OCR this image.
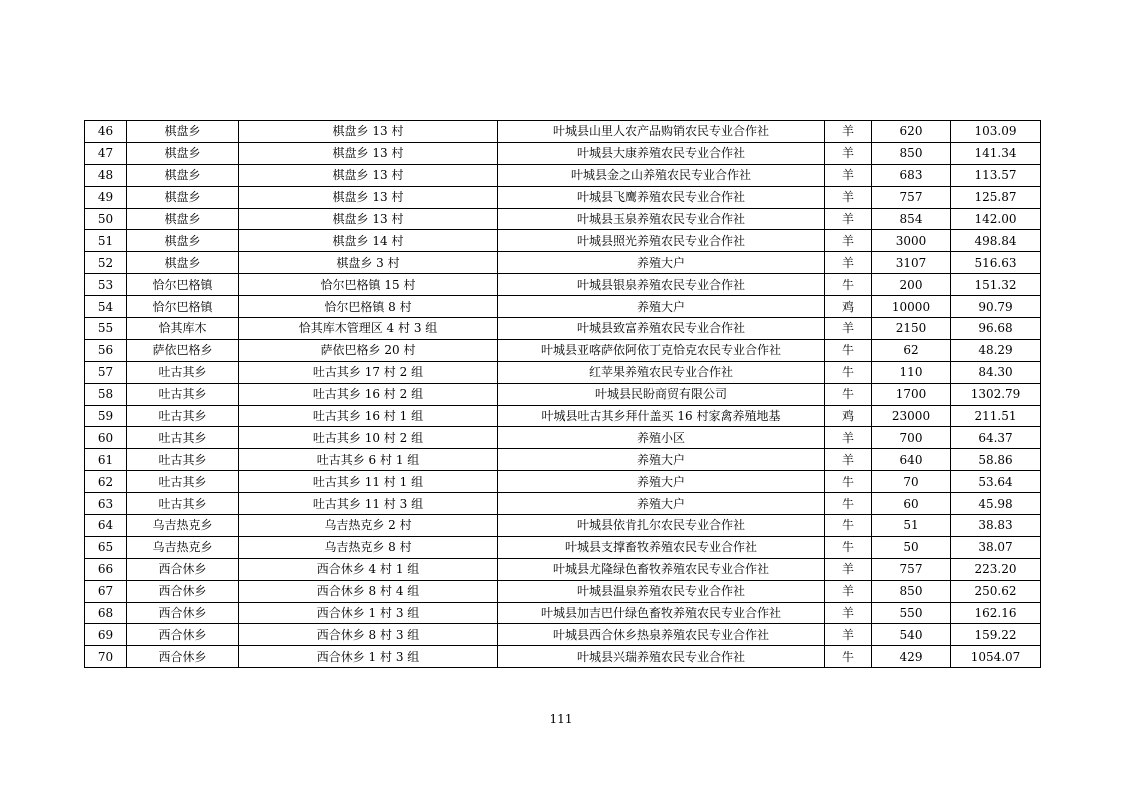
46	棋盘乡	棋盘乡 13 村	叶城县山里人农产品购销农民专业合作社	羊	620	103.09
47	棋盘乡	棋盘乡 13 村	叶城县大康养殖农民专业合作社	羊	850	141.34
48	棋盘乡	棋盘乡 13 村	叶城县金之山养殖农民专业合作社	羊	683	113.57
49	棋盘乡	棋盘乡 13 村	叶城县飞鹰养殖农民专业合作社	羊	757	125.87
50	棋盘乡	棋盘乡 13 村	叶城县玉泉养殖农民专业合作社	羊	854	142.00
51	棋盘乡	棋盘乡 14 村	叶城县照光养殖农民专业合作社	羊	3000	498.84
52	棋盘乡	棋盘乡 3 村	养殖大户	羊	3107	516.63
53	恰尔巴格镇	恰尔巴格镇 15 村	叶城县银泉养殖农民专业合作社	牛	200	151.32
54	恰尔巴格镇	恰尔巴格镇 8 村	养殖大户	鸡	10000	90.79
55	恰其库木	恰其库木管理区 4 村 3 组	叶城县致富养殖农民专业合作社	羊	2150	96.68
56	萨依巴格乡	萨依巴格乡 20 村	叶城县亚喀萨依阿依丁克恰克农民专业合作社	牛	62	48.29
57	吐古其乡	吐古其乡 17 村 2 组	红苹果养殖农民专业合作社	牛	110	84.30
58	吐古其乡	吐古其乡 16 村 2 组	叶城县民盼商贸有限公司	牛	1700	1302.79
59	吐古其乡	吐古其乡 16 村 1 组	叶城县吐古其乡拜什盖买 16 村家禽养殖地基	鸡	23000	211.51
60	吐古其乡	吐古其乡 10 村 2 组	养殖小区	羊	700	64.37
61	吐古其乡	吐古其乡 6 村 1 组	养殖大户	羊	640	58.86
62	吐古其乡	吐古其乡 11 村 1 组	养殖大户	牛	70	53.64
63	吐古其乡	吐古其乡 11 村 3 组	养殖大户	牛	60	45.98
64	乌吉热克乡	乌吉热克乡 2 村	叶城县依肯扎尔农民专业合作社	牛	51	38.83
65	乌吉热克乡	乌吉热克乡 8 村	叶城县支撑畜牧养殖农民专业合作社	牛	50	38.07
66	西合休乡	西合休乡 4 村 1 组	叶城县尤隆绿色畜牧养殖农民专业合作社	羊	757	223.20
67	西合休乡	西合休乡 8 村 4 组	叶城县温泉养殖农民专业合作社	羊	850	250.62
68	西合休乡	西合休乡 1 村 3 组	叶城县加吉巴什绿色畜牧养殖农民专业合作社	羊	550	162.16
69	西合休乡	西合休乡 8 村 3 组	叶城县西合休乡热泉养殖农民专业合作社	羊	540	159.22
70	西合休乡	西合休乡 1 村 3 组	叶城县兴瑞养殖农民专业合作社	牛	429	1054.07
111
